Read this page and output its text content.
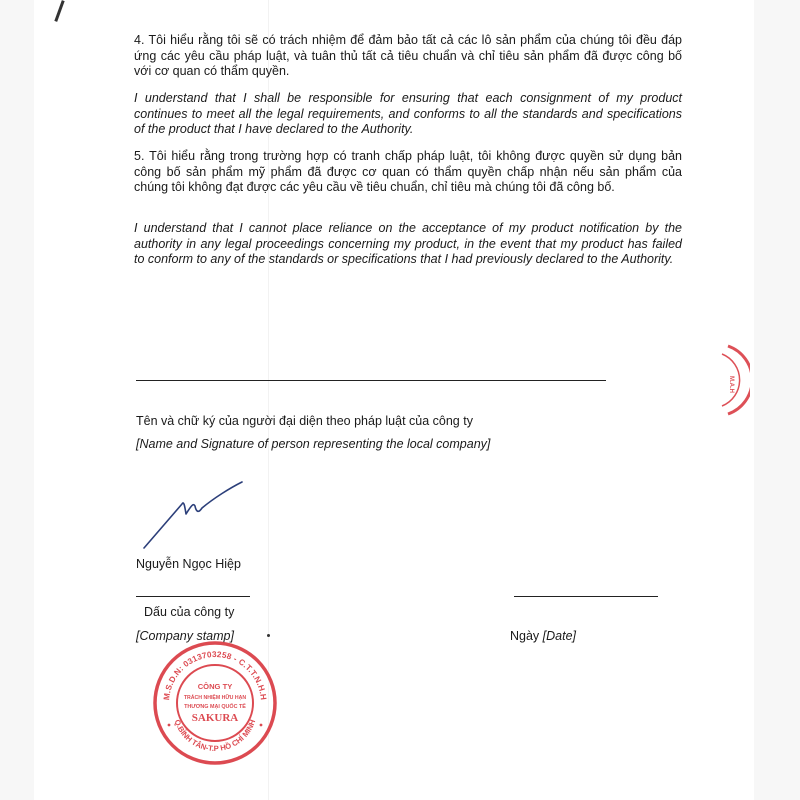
4. Tôi hiểu rằng tôi sẽ có trách nhiệm để đảm bảo tất cả các lô sản phẩm của chúng tôi đều đáp ứng các yêu cầu pháp luật, và tuân thủ tất cả tiêu chuẩn và chỉ tiêu sản phẩm đã được công bố với cơ quan có thẩm quyền.

I understand that I shall be responsible for ensuring that each consignment of my product continues to meet all the legal requirements, and conforms to all the standards and specifications of the product that I have declared to the Authority.

5. Tôi hiểu rằng trong trường hợp có tranh chấp pháp luật, tôi không được quyền sử dụng bản công bố sản phẩm mỹ phẩm đã được cơ quan có thẩm quyền chấp nhận nếu sản phẩm của chúng tôi không đạt được các yêu cầu về tiêu chuẩn, chỉ tiêu mà chúng tôi đã công bố.

I understand that I cannot place reliance on the acceptance of my product notification by the authority in any legal proceedings concerning my product, in the event that my product has failed to conform to any of the standards or specifications that I had previously declared to the Authority.

Tên và chữ ký của người đại diện theo pháp luật của công ty
[Name and Signature of person representing the local company]
Nguyễn Ngọc Hiệp
Dấu của công ty
[Company stamp]	Ngày [Date]
M.S.D.N: 0313703258 - C.T.T.N.H.H
Q.BÌNH TÂN-T.P HỒ CHÍ MINH
CÔNG TY
TRÁCH NHIỆM HỮU HẠN
THƯƠNG MẠI QUỐC TẾ
SAKURA
M.A.H
